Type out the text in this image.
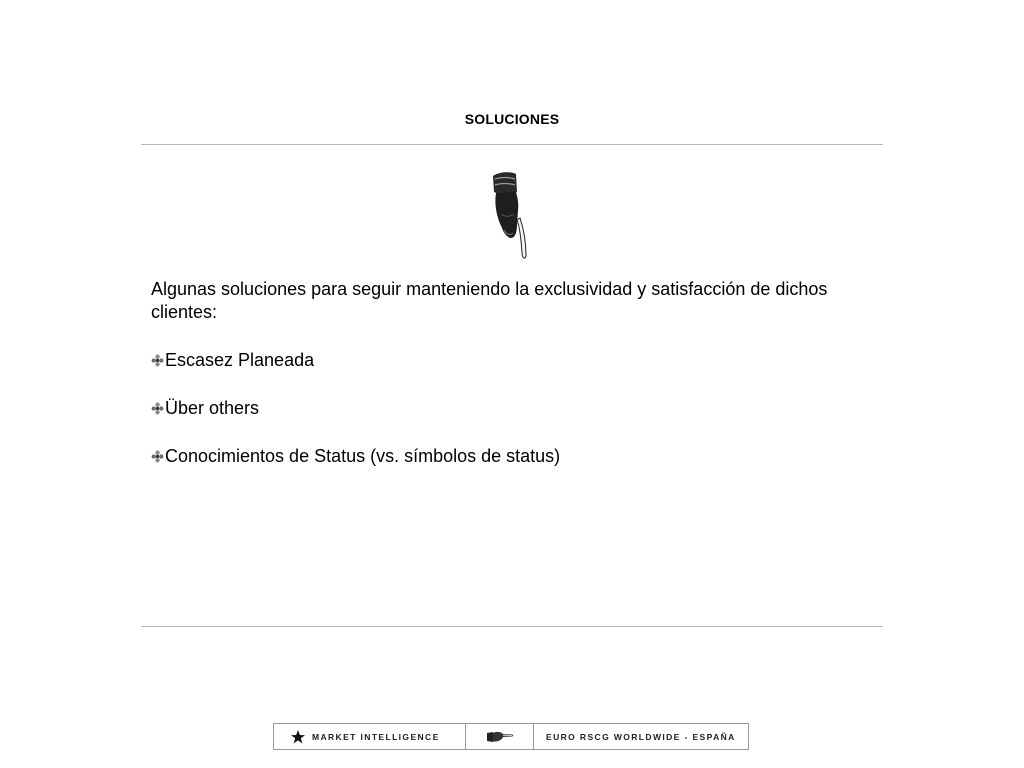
SOLUCIONES

Algunas soluciones para seguir manteniendo la exclusividad y satisfacción de dichos clientes:

Escasez Planeada
Über others
Conocimientos de Status (vs. símbolos de status)
MARKET INTELLIGENCE	EURO RSCG WORLDWIDE - ESPAÑA
